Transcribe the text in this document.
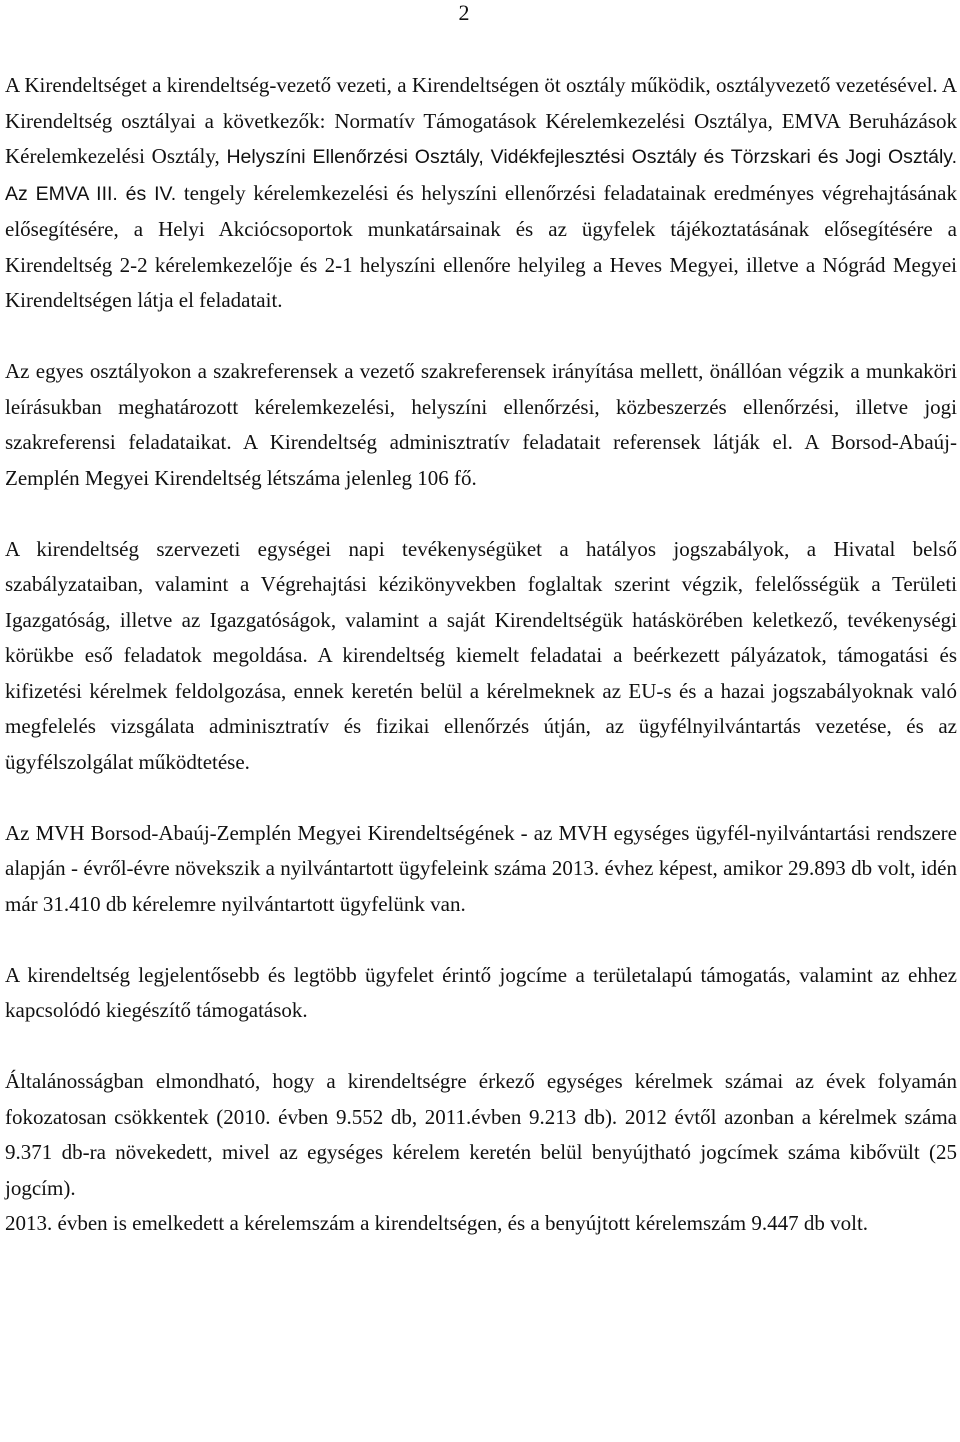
2

A Kirendeltséget a kirendeltség-vezető vezeti, a Kirendeltségen öt osztály működik, osztályvezető vezetésével. A Kirendeltség osztályai a következők: Normatív Támogatások Kérelemkezelési Osztálya, EMVA Beruházások Kérelemkezelési Osztály, Helyszíni Ellenőrzési Osztály, Vidékfejlesztési Osztály és Törzskari és Jogi Osztály. Az EMVA III. és IV. tengely kérelemkezelési és helyszíni ellenőrzési feladatainak eredményes végrehajtásának elősegítésére, a Helyi Akciócsoportok munkatársainak és az ügyfelek tájékoztatásának elősegítésére a Kirendeltség 2-2 kérelemkezelője és 2-1 helyszíni ellenőre helyileg a Heves Megyei, illetve a Nógrád Megyei Kirendeltségen látja el feladatait.

Az egyes osztályokon a szakreferensek a vezető szakreferensek irányítása mellett, önállóan végzik a munkaköri leírásukban meghatározott kérelemkezelési, helyszíni ellenőrzési, közbeszerzés ellenőrzési, illetve jogi szakreferensi feladataikat. A Kirendeltség adminisztratív feladatait referensek látják el. A Borsod-Abaúj-Zemplén Megyei Kirendeltség létszáma jelenleg 106 fő.

A kirendeltség szervezeti egységei napi tevékenységüket a hatályos jogszabályok, a Hivatal belső szabályzataiban, valamint a Végrehajtási kézikönyvekben foglaltak szerint végzik, felelősségük a Területi Igazgatóság, illetve az Igazgatóságok, valamint a saját Kirendeltségük hatáskörében keletkező, tevékenységi körükbe eső feladatok megoldása. A kirendeltség kiemelt feladatai a beérkezett pályázatok, támogatási és kifizetési kérelmek feldolgozása, ennek keretén belül a kérelmeknek az EU-s és a hazai jogszabályoknak való megfelelés vizsgálata adminisztratív és fizikai ellenőrzés útján, az ügyfélnyilvántartás vezetése, és az ügyfélszolgálat működtetése.

Az MVH Borsod-Abaúj-Zemplén Megyei Kirendeltségének - az MVH egységes ügyfél-nyilvántartási rendszere alapján - évről-évre növekszik a nyilvántartott ügyfeleink száma 2013. évhez képest, amikor 29.893 db volt, idén már 31.410 db kérelemre nyilvántartott ügyfelünk van.

A kirendeltség legjelentősebb és legtöbb ügyfelet érintő jogcíme a területalapú támogatás, valamint az ehhez kapcsolódó kiegészítő támogatások.

Általánosságban elmondható, hogy a kirendeltségre érkező egységes kérelmek számai az évek folyamán fokozatosan csökkentek (2010. évben 9.552 db, 2011.évben 9.213 db). 2012 évtől azonban a kérelmek száma 9.371 db-ra növekedett, mivel az egységes kérelem keretén belül benyújtható jogcímek száma kibővült (25 jogcím).

2013. évben is emelkedett a kérelemszám a kirendeltségen, és a benyújtott kérelemszám 9.447 db volt.
